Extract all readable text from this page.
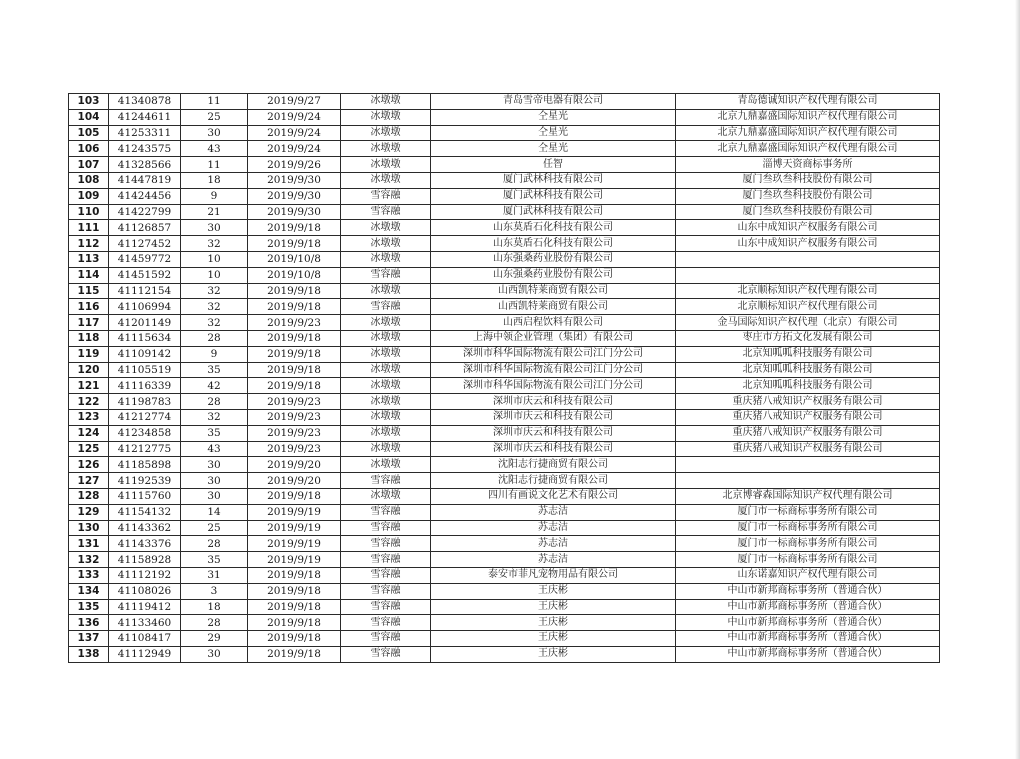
103	41340878	11	2019/9/27	冰墩墩	青岛雪帝电器有限公司	青岛德诚知识产权代理有限公司
104	41244611	25	2019/9/24	冰墩墩	仝星光	北京九鼎嘉盛国际知识产权代理有限公司
105	41253311	30	2019/9/24	冰墩墩	仝星光	北京九鼎嘉盛国际知识产权代理有限公司
106	41243575	43	2019/9/24	冰墩墩	仝星光	北京九鼎嘉盛国际知识产权代理有限公司
107	41328566	11	2019/9/26	冰墩墩	任智	淄博天资商标事务所
108	41447819	18	2019/9/30	冰墩墩	厦门武林科技有限公司	厦门叁玖叁科技股份有限公司
109	41424456	9	2019/9/30	雪容融	厦门武林科技有限公司	厦门叁玖叁科技股份有限公司
110	41422799	21	2019/9/30	雪容融	厦门武林科技有限公司	厦门叁玖叁科技股份有限公司
111	41126857	30	2019/9/18	冰墩墩	山东莫盾石化科技有限公司	山东中成知识产权服务有限公司
112	41127452	32	2019/9/18	冰墩墩	山东莫盾石化科技有限公司	山东中成知识产权服务有限公司
113	41459772	10	2019/10/8	冰墩墩	山东强桑药业股份有限公司	
114	41451592	10	2019/10/8	雪容融	山东强桑药业股份有限公司	
115	41112154	32	2019/9/18	冰墩墩	山西凯特莱商贸有限公司	北京顺标知识产权代理有限公司
116	41106994	32	2019/9/18	雪容融	山西凯特莱商贸有限公司	北京顺标知识产权代理有限公司
117	41201149	32	2019/9/23	冰墩墩	山西启程饮料有限公司	金马国际知识产权代理（北京）有限公司
118	41115634	28	2019/9/18	冰墩墩	上海中领企业管理（集团）有限公司	枣庄市方拓文化发展有限公司
119	41109142	9	2019/9/18	冰墩墩	深圳市科华国际物流有限公司江门分公司	北京知呱呱科技服务有限公司
120	41105519	35	2019/9/18	冰墩墩	深圳市科华国际物流有限公司江门分公司	北京知呱呱科技服务有限公司
121	41116339	42	2019/9/18	冰墩墩	深圳市科华国际物流有限公司江门分公司	北京知呱呱科技服务有限公司
122	41198783	28	2019/9/23	冰墩墩	深圳市庆云和科技有限公司	重庆猪八戒知识产权服务有限公司
123	41212774	32	2019/9/23	冰墩墩	深圳市庆云和科技有限公司	重庆猪八戒知识产权服务有限公司
124	41234858	35	2019/9/23	冰墩墩	深圳市庆云和科技有限公司	重庆猪八戒知识产权服务有限公司
125	41212775	43	2019/9/23	冰墩墩	深圳市庆云和科技有限公司	重庆猪八戒知识产权服务有限公司
126	41185898	30	2019/9/20	冰墩墩	沈阳志行捷商贸有限公司	
127	41192539	30	2019/9/20	雪容融	沈阳志行捷商贸有限公司	
128	41115760	30	2019/9/18	冰墩墩	四川有画说文化艺术有限公司	北京博睿森国际知识产权代理有限公司
129	41154132	14	2019/9/19	雪容融	苏志洁	厦门市一标商标事务所有限公司
130	41143362	25	2019/9/19	雪容融	苏志洁	厦门市一标商标事务所有限公司
131	41143376	28	2019/9/19	雪容融	苏志洁	厦门市一标商标事务所有限公司
132	41158928	35	2019/9/19	雪容融	苏志洁	厦门市一标商标事务所有限公司
133	41112192	31	2019/9/18	雪容融	泰安市菲凡宠物用品有限公司	山东诺嘉知识产权代理有限公司
134	41108026	3	2019/9/18	雪容融	王庆彬	中山市新邦商标事务所（普通合伙）
135	41119412	18	2019/9/18	雪容融	王庆彬	中山市新邦商标事务所（普通合伙）
136	41133460	28	2019/9/18	雪容融	王庆彬	中山市新邦商标事务所（普通合伙）
137	41108417	29	2019/9/18	雪容融	王庆彬	中山市新邦商标事务所（普通合伙）
138	41112949	30	2019/9/18	雪容融	王庆彬	中山市新邦商标事务所（普通合伙）
